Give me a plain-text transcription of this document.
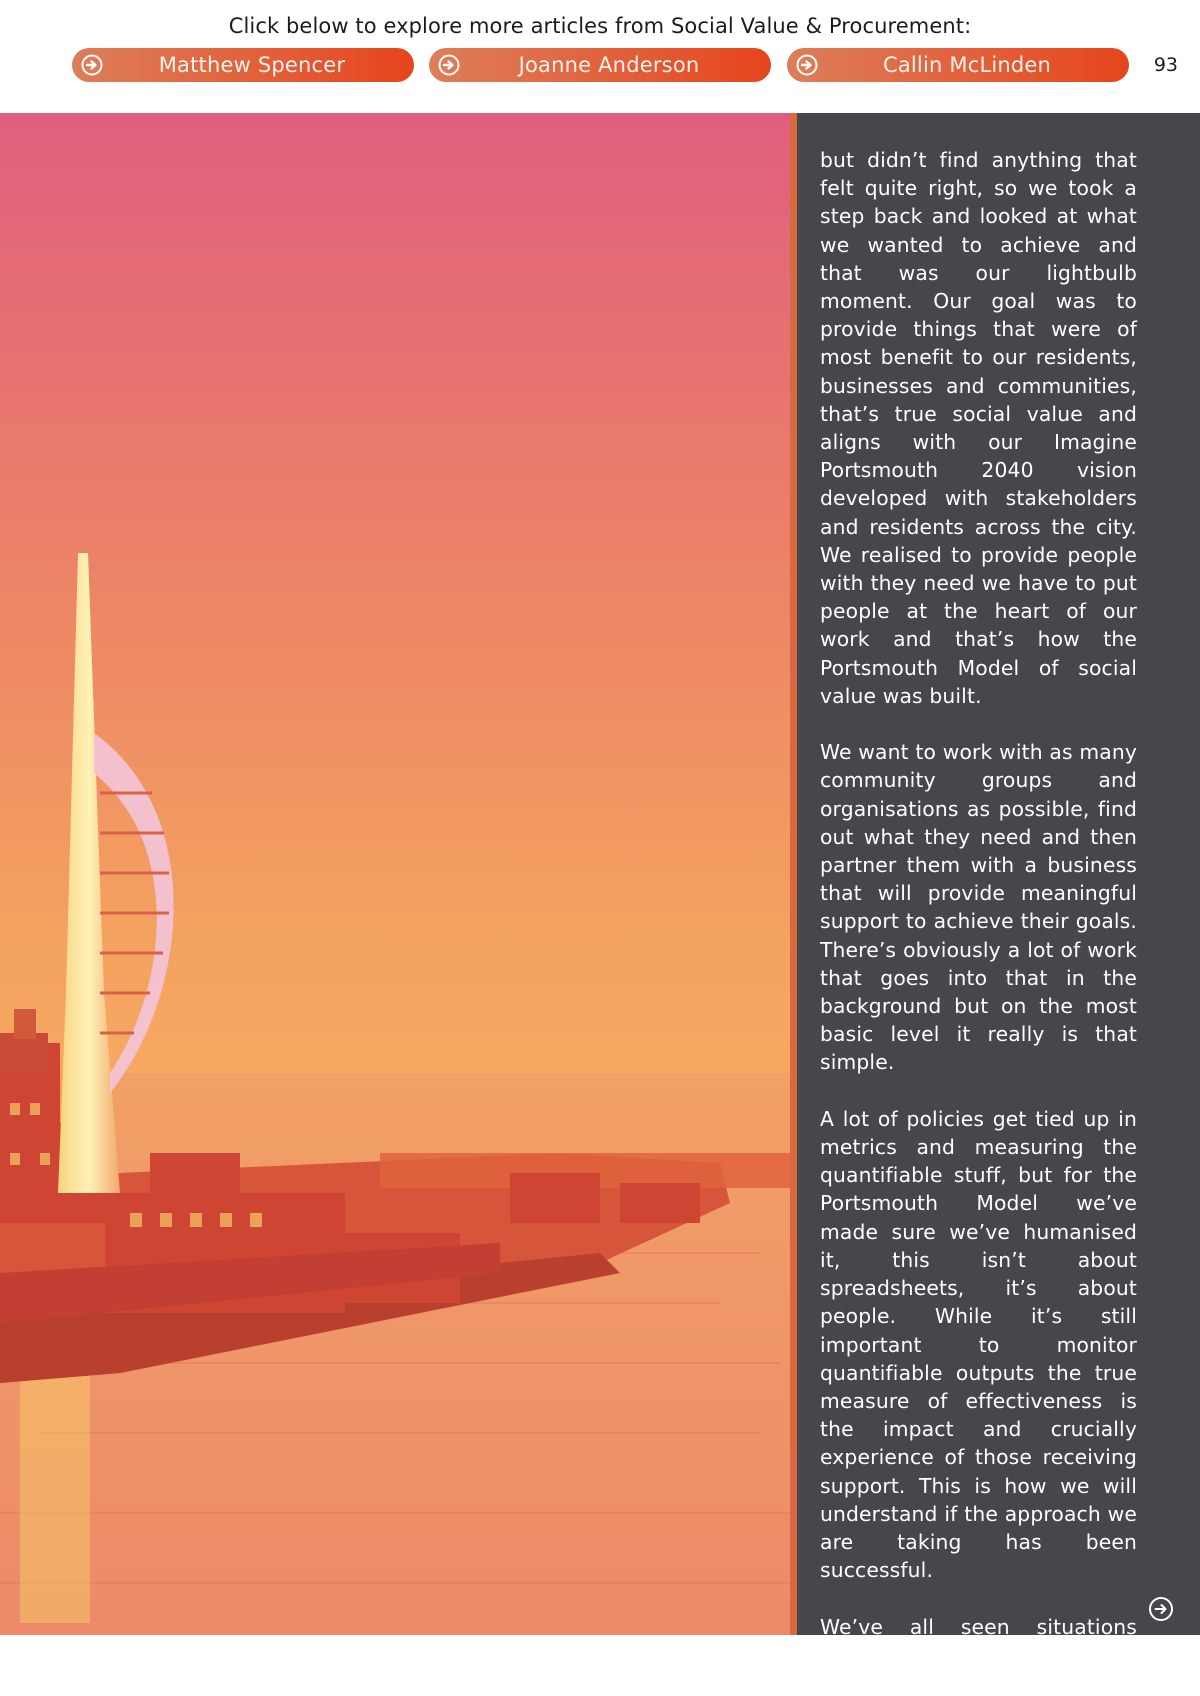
Click below to explore more articles from Social Value & Procurement:
Matthew Spencer	Joanne Anderson	Callin McLinden	93

but didn’t find anything that felt quite right, so we took a step back and looked at what we wanted to achieve and that was our lightbulb moment. Our goal was to provide things that were of most benefit to our residents, businesses and communities, that’s true social value and aligns with our Imagine Portsmouth 2040 vision developed with stakeholders and residents across the city. We realised to provide people with they need we have to put people at the heart of our work and that’s how the Portsmouth Model of social value was built.

We want to work with as many community groups and organisations as possible, find out what they need and then partner them with a business that will provide meaningful support to achieve their goals. There’s obviously a lot of work that goes into that in the background but on the most basic level it really is that simple.

A lot of policies get tied up in metrics and measuring the quantifiable stuff, but for the Portsmouth Model we’ve made sure we’ve humanised it, this isn’t about spreadsheets, it’s about people. While it’s still important to monitor quantifiable outputs the true measure of effectiveness is the impact and crucially experience of those receiving support. This is how we will understand if the approach we are taking has been successful.

We’ve all seen situations where a company commits to something but when it comes
